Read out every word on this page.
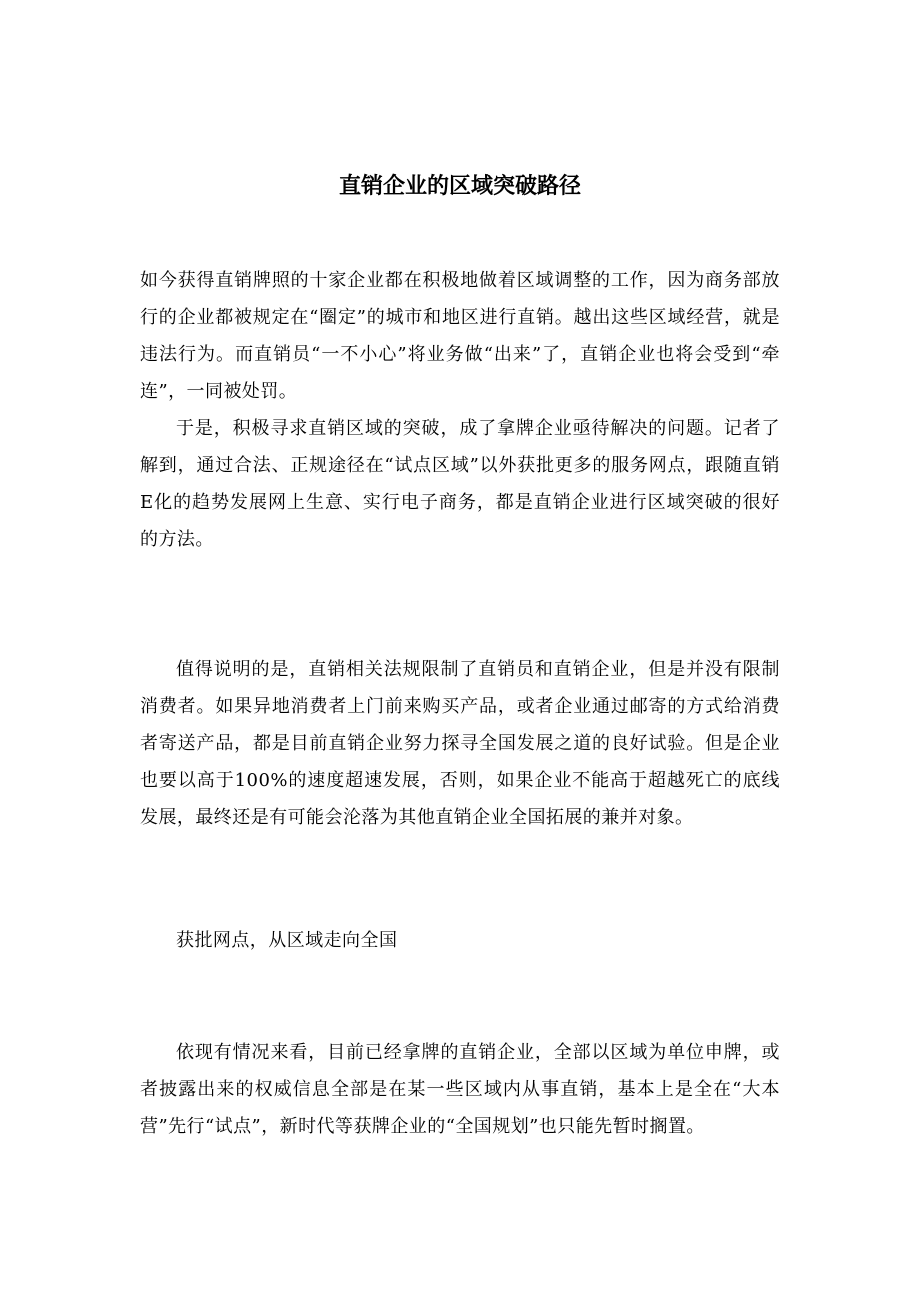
直销企业的区域突破路径

如今获得直销牌照的十家企业都在积极地做着区域调整的工作，因为商务部放行的企业都被规定在“圈定”的城市和地区进行直销。越出这些区域经营，就是违法行为。而直销员“一不小心”将业务做“出来”了，直销企业也将会受到“牵连”，一同被处罚。

于是，积极寻求直销区域的突破，成了拿牌企业亟待解决的问题。记者了解到，通过合法、正规途径在“试点区域”以外获批更多的服务网点，跟随直销E化的趋势发展网上生意、实行电子商务，都是直销企业进行区域突破的很好的方法。

值得说明的是，直销相关法规限制了直销员和直销企业，但是并没有限制消费者。如果异地消费者上门前来购买产品，或者企业通过邮寄的方式给消费者寄送产品，都是目前直销企业努力探寻全国发展之道的良好试验。但是企业也要以高于100%的速度超速发展，否则，如果企业不能高于超越死亡的底线发展，最终还是有可能会沦落为其他直销企业全国拓展的兼并对象。

获批网点，从区域走向全国

依现有情况来看，目前已经拿牌的直销企业，全部以区域为单位申牌，或者披露出来的权威信息全部是在某一些区域内从事直销，基本上是全在“大本营”先行“试点”，新时代等获牌企业的“全国规划”也只能先暂时搁置。
